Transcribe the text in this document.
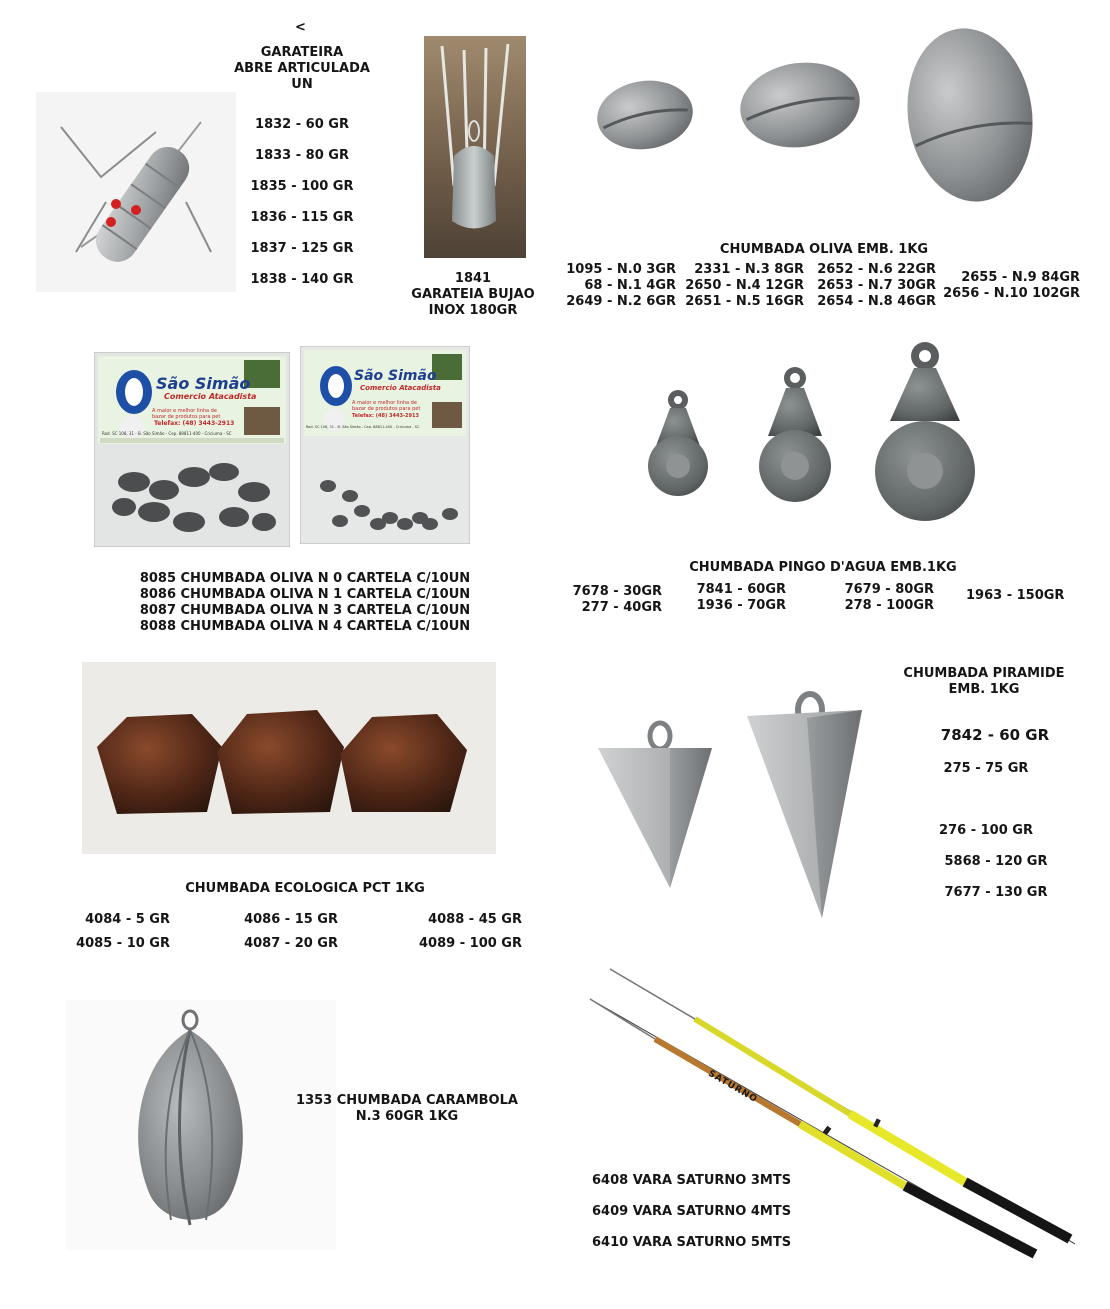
<
GARATEIRA
ABRE ARTICULADA
UN
1832 - 60 GR
1833 - 80 GR
1835 - 100 GR
1836 - 115 GR
1837 - 125 GR
1838 - 140 GR	1841
GARATEIA BUJAO
INOX 180GR
CHUMBADA OLIVA EMB. 1KG
1095 - N.0 3GR
68 - N.1 4GR
2649 - N.2 6GR
2331 - N.3 8GR
2650 - N.4 12GR
2651 - N.5 16GR
2652 - N.6 22GR
2653 - N.7 30GR
2654 - N.8 46GR
2655 - N.9 84GR
2656 - N.10 102GR
São Simão
Comercio Atacadista
A maior e melhor linha de
bazar de produtos para pet
Telefax: (48) 3443-2913
Rod. SC 108, 31 - B. São Simão - Cep. 88811-400 - Criciuma - SC
São Simão
Comercio Atacadista
A maior e melhor linha de
bazar de produtos para pet
Telefax: (48) 3443-2913
Rod. SC 108, 31 - B. São Simão - Cep. 88811-400 - Criciuma - SC
8085 CHUMBADA OLIVA N 0 CARTELA C/10UN
8086 CHUMBADA OLIVA N 1 CARTELA C/10UN
8087 CHUMBADA OLIVA N 3 CARTELA C/10UN
8088 CHUMBADA OLIVA N 4 CARTELA C/10UN
CHUMBADA PINGO D'AGUA EMB.1KG
7678 - 30GR
277 - 40GR
7841 - 60GR
1936 - 70GR
7679 - 80GR
278 - 100GR
1963 - 150GR
CHUMBADA ECOLOGICA PCT 1KG
4084 - 5 GR
4085 - 10 GR
4086 - 15 GR
4087 - 20 GR
4088 - 45 GR
4089 - 100 GR
CHUMBADA PIRAMIDE
EMB. 1KG
7842 - 60 GR
275 - 75 GR
276 - 100 GR
5868 - 120 GR
7677 - 130 GR
1353 CHUMBADA CARAMBOLA
N.3 60GR 1KG
SATURNO
6408 VARA SATURNO 3MTS
6409 VARA SATURNO 4MTS
6410 VARA SATURNO 5MTS
